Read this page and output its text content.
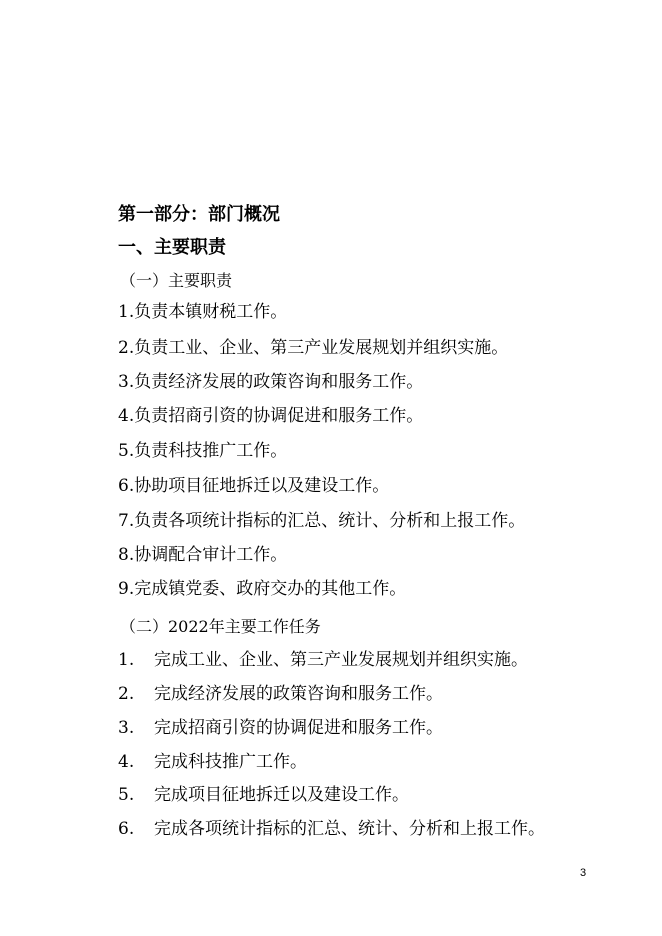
第一部分：部门概况
一、主要职责
（一）主要职责
1.负责本镇财税工作。
2.负责工业、企业、第三产业发展规划并组织实施。
3.负责经济发展的政策咨询和服务工作。
4.负责招商引资的协调促进和服务工作。
5.负责科技推广工作。
6.协助项目征地拆迁以及建设工作。
7.负责各项统计指标的汇总、统计、分析和上报工作。
8.协调配合审计工作。
9.完成镇党委、政府交办的其他工作。
（二）2022年主要工作任务
1. 完成工业、企业、第三产业发展规划并组织实施。
2. 完成经济发展的政策咨询和服务工作。
3. 完成招商引资的协调促进和服务工作。
4. 完成科技推广工作。
5. 完成项目征地拆迁以及建设工作。
6. 完成各项统计指标的汇总、统计、分析和上报工作。
3
